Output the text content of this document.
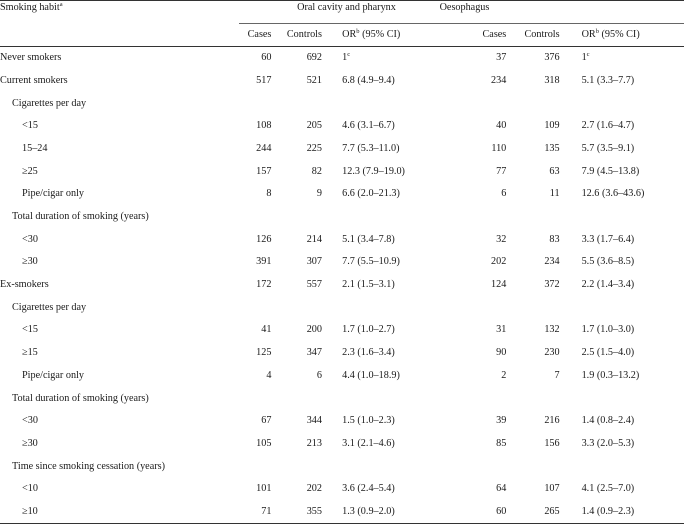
Smoking habit$^a$				Oral cavity and pharynx				Oesophagus
	Cases	Controls		$OR^b$ (95% CI)	Cases	Controls		$OR^b$ (95% CI)
Never smokers	60	692		1$^c$	37	376		1$^c$
Current smokers	517	521		6.8 (4.9–9.4)	234	318		5.1 (3.3–7.7)
Cigarettes per day								
<15	108	205		4.6 (3.1–6.7)	40	109		2.7 (1.6–4.7)
15–24	244	225		7.7 (5.3–11.0)	110	135		5.7 (3.5–9.1)
≥25	157	82		12.3 (7.9–19.0)	77	63		7.9 (4.5–13.8)
Pipe/cigar only	8	9		6.6 (2.0–21.3)	6	11		12.6 (3.6–43.6)
Total duration of smoking (years)								
<30	126	214		5.1 (3.4–7.8)	32	83		3.3 (1.7–6.4)
≥30	391	307		7.7 (5.5–10.9)	202	234		5.5 (3.6–8.5)
Ex-smokers	172	557		2.1 (1.5–3.1)	124	372		2.2 (1.4–3.4)
Cigarettes per day								
<15	41	200		1.7 (1.0–2.7)	31	132		1.7 (1.0–3.0)
≥15	125	347		2.3 (1.6–3.4)	90	230		2.5 (1.5–4.0)
Pipe/cigar only	4	6		4.4 (1.0–18.9)	2	7		1.9 (0.3–13.2)
Total duration of smoking (years)								
<30	67	344		1.5 (1.0–2.3)	39	216		1.4 (0.8–2.4)
≥30	105	213		3.1 (2.1–4.6)	85	156		3.3 (2.0–5.3)
Time since smoking cessation (years)								
<10	101	202		3.6 (2.4–5.4)	64	107		4.1 (2.5–7.0)
≥10	71	355		1.3 (0.9–2.0)	60	265		1.4 (0.9–2.3)
